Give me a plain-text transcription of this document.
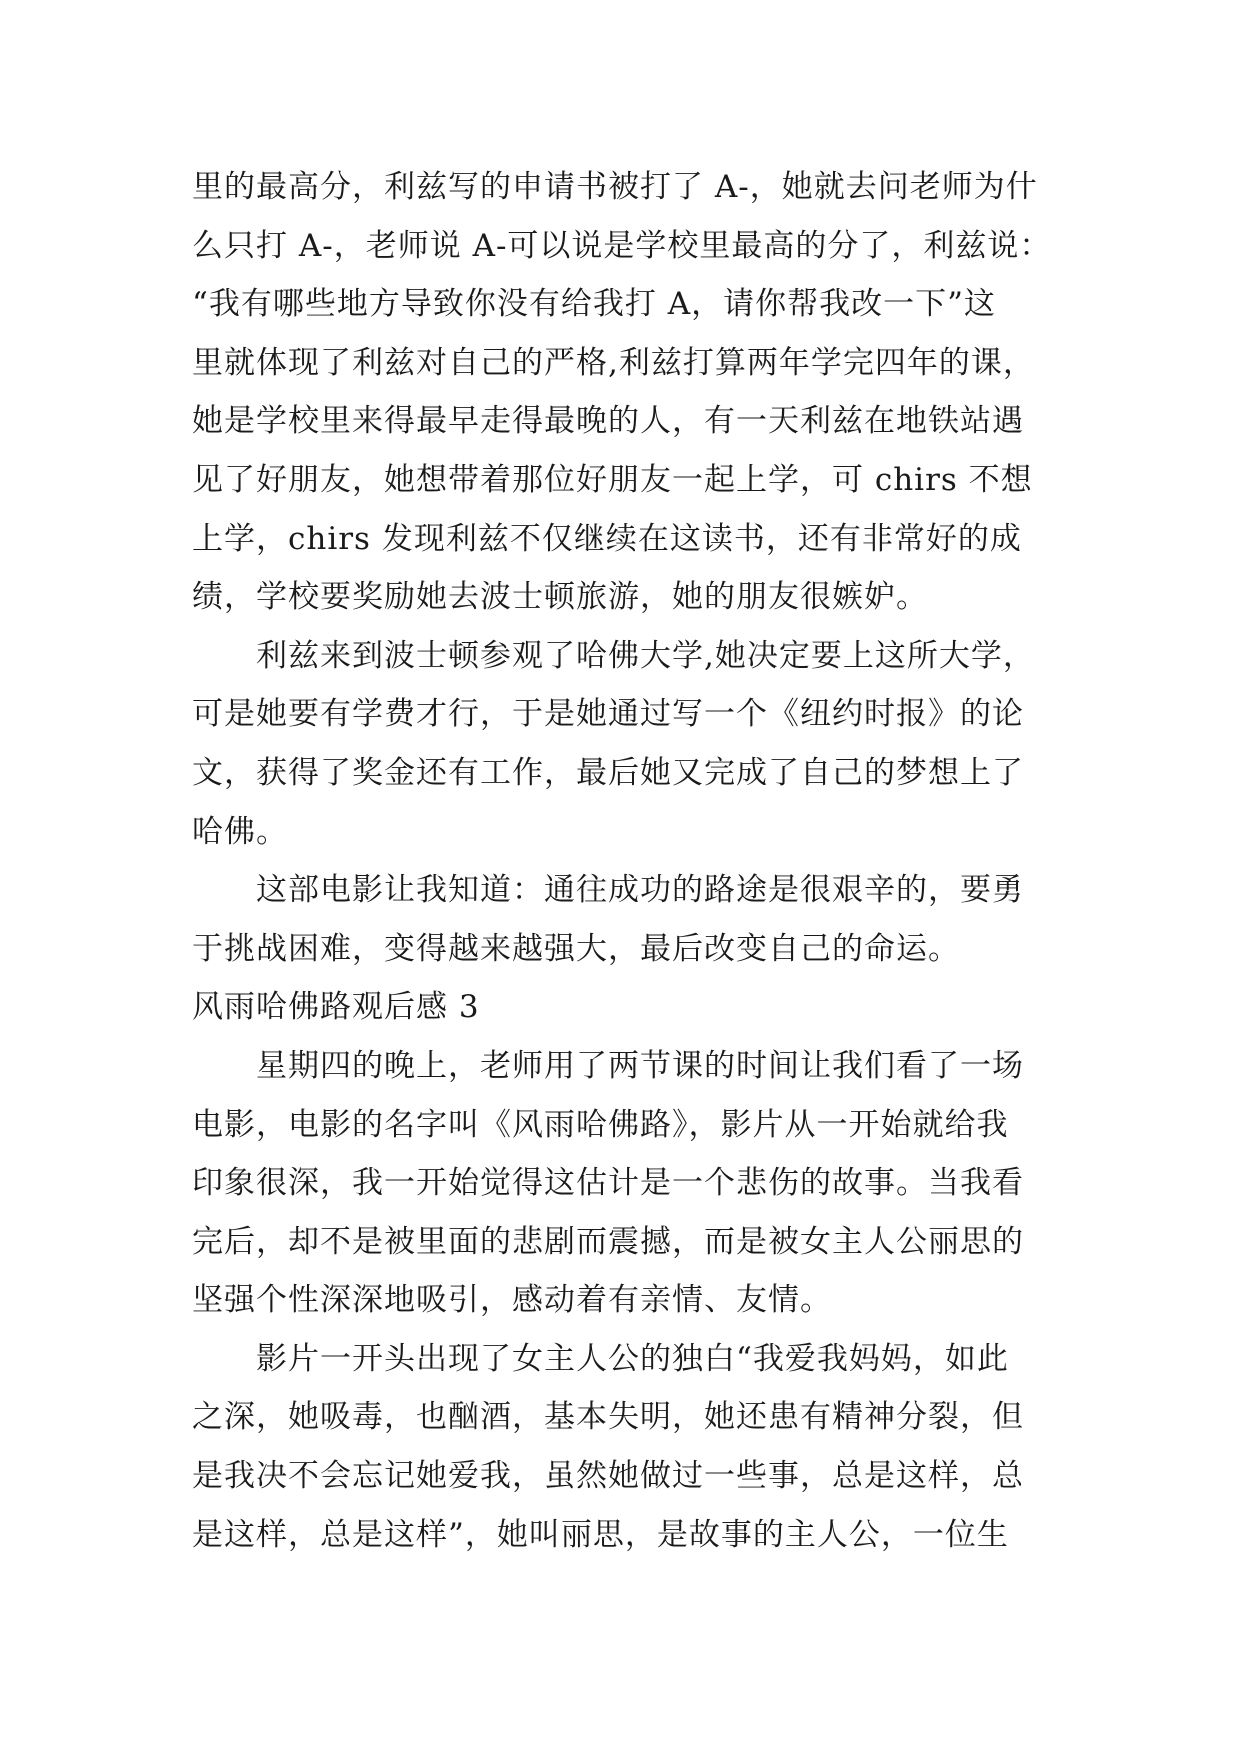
里的最高分，利兹写的申请书被打了 A-，她就去问老师为什
么只打 A-，老师说 A-可以说是学校里最高的分了，利兹说：
“我有哪些地方导致你没有给我打 A，请你帮我改一下”这
里就体现了利兹对自己的严格,利兹打算两年学完四年的课，
她是学校里来得最早走得最晚的人，有一天利兹在地铁站遇
见了好朋友，她想带着那位好朋友一起上学，可 chirs 不想
上学，chirs 发现利兹不仅继续在这读书，还有非常好的成
绩，学校要奖励她去波士顿旅游，她的朋友很嫉妒。
利兹来到波士顿参观了哈佛大学,她决定要上这所大学，
可是她要有学费才行，于是她通过写一个《纽约时报》的论
文，获得了奖金还有工作，最后她又完成了自己的梦想上了
哈佛。
这部电影让我知道：通往成功的路途是很艰辛的，要勇
于挑战困难，变得越来越强大，最后改变自己的命运。
风雨哈佛路观后感 3
星期四的晚上，老师用了两节课的时间让我们看了一场
电影，电影的名字叫《风雨哈佛路》，影片从一开始就给我
印象很深，我一开始觉得这估计是一个悲伤的故事。当我看
完后，却不是被里面的悲剧而震撼，而是被女主人公丽思的
坚强个性深深地吸引，感动着有亲情、友情。
影片一开头出现了女主人公的独白“我爱我妈妈，如此
之深，她吸毒，也酗酒，基本失明，她还患有精神分裂，但
是我决不会忘记她爱我，虽然她做过一些事，总是这样，总
是这样，总是这样”，她叫丽思，是故事的主人公，一位生
